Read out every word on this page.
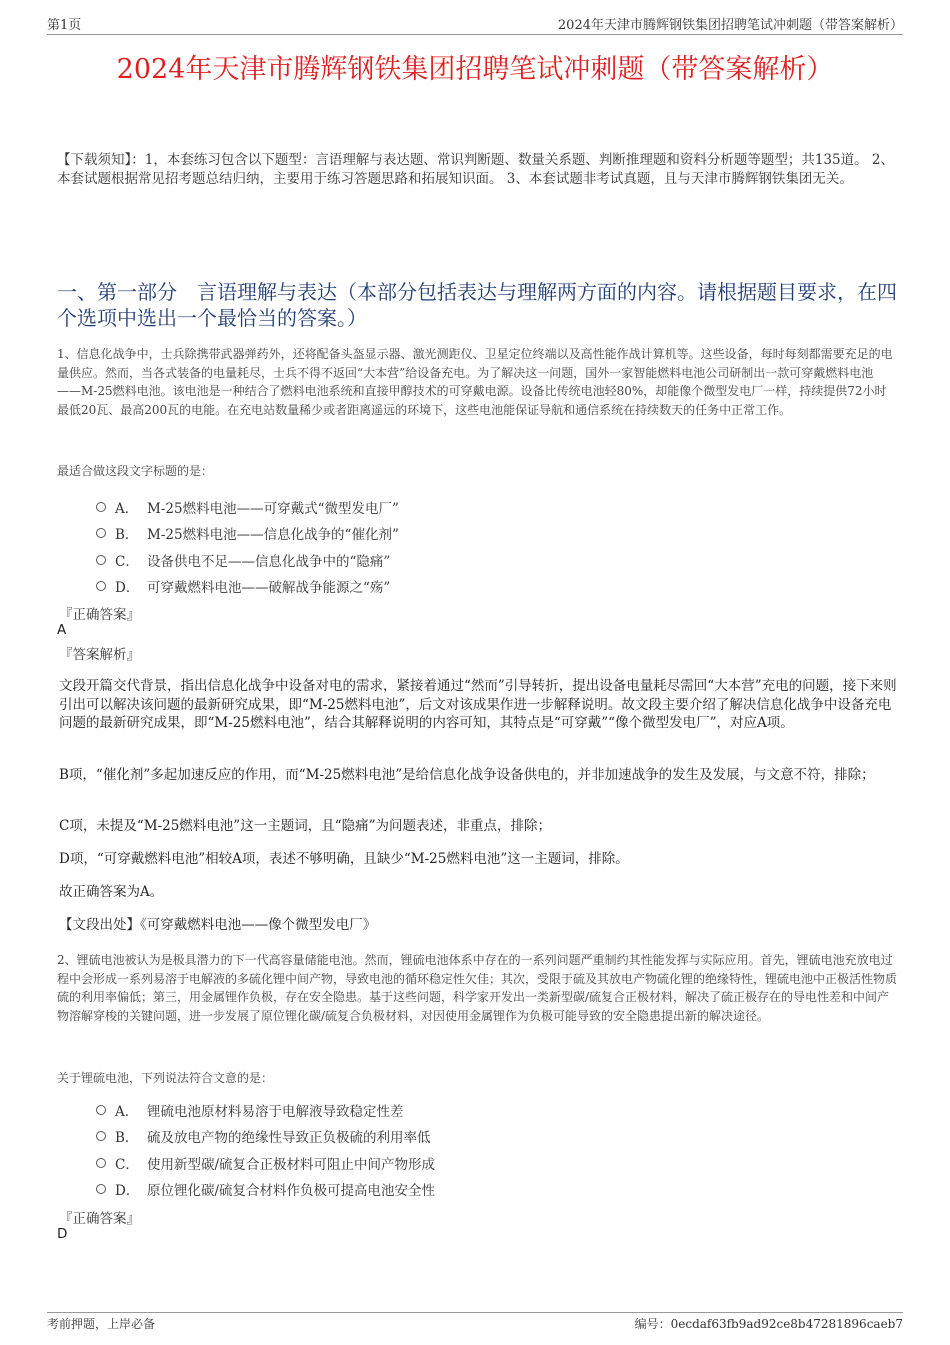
第1页	2024年天津市腾辉钢铁集团招聘笔试冲刺题（带答案解析）
2024年天津市腾辉钢铁集团招聘笔试冲刺题（带答案解析）
【下载须知】：1，本套练习包含以下题型：言语理解与表达题、常识判断题、数量关系题、判断推理题和资料分析题等题型；共135道。 2、本套试题根据常见招考题总结归纳，主要用于练习答题思路和拓展知识面。 3、本套试题非考试真题，且与天津市腾辉钢铁集团无关。
一、第一部分　言语理解与表达（本部分包括表达与理解两方面的内容。请根据题目要求，在四个选项中选出一个最恰当的答案。）
1、信息化战争中，士兵除携带武器弹药外，还将配备头盔显示器、激光测距仪、卫星定位终端以及高性能作战计算机等。这些设备，每时每刻都需要充足的电量供应。然而，当各式装备的电量耗尽，士兵不得不返回“大本营”给设备充电。为了解决这一问题，国外一家智能燃料电池公司研制出一款可穿戴燃料电池——M-25燃料电池。该电池是一种结合了燃料电池系统和直接甲醇技术的可穿戴电源。设备比传统电池轻80%，却能像个微型发电厂一样，持续提供72小时最低20瓦、最高200瓦的电能。在充电站数量稀少或者距离遥远的环境下，这些电池能保证导航和通信系统在持续数天的任务中正常工作。
最适合做这段文字标题的是：
A． M-25燃料电池——可穿戴式“微型发电厂”
B． M-25燃料电池——信息化战争的“催化剂”
C． 设备供电不足——信息化战争中的“隐痛”
D． 可穿戴燃料电池——破解战争能源之“殇”
『正确答案』
A
『答案解析』
文段开篇交代背景，指出信息化战争中设备对电的需求，紧接着通过“然而”引导转折，提出设备电量耗尽需回“大本营”充电的问题，接下来则引出可以解决该问题的最新研究成果，即“M-25燃料电池”，后文对该成果作进一步解释说明。故文段主要介绍了解决信息化战争中设备充电问题的最新研究成果，即“M-25燃料电池”，结合其解释说明的内容可知，其特点是“可穿戴”“像个微型发电厂”，对应A项。
B项，“催化剂”多起加速反应的作用，而“M-25燃料电池”是给信息化战争设备供电的，并非加速战争的发生及发展，与文意不符，排除；
C项，未提及“M-25燃料电池”这一主题词，且“隐痛”为问题表述，非重点，排除；
D项，“可穿戴燃料电池”相较A项，表述不够明确，且缺少“M-25燃料电池”这一主题词，排除。
故正确答案为A。
【文段出处】《可穿戴燃料电池——像个微型发电厂》
2、锂硫电池被认为是极具潜力的下一代高容量储能电池。然而，锂硫电池体系中存在的一系列问题严重制约其性能发挥与实际应用。首先，锂硫电池充放电过程中会形成一系列易溶于电解液的多硫化锂中间产物，导致电池的循环稳定性欠佳；其次，受限于硫及其放电产物硫化锂的绝缘特性，锂硫电池中正极活性物质硫的利用率偏低；第三，用金属锂作负极，存在安全隐患。基于这些问题，科学家开发出一类新型碳/硫复合正极材料，解决了硫正极存在的导电性差和中间产物溶解穿梭的关键问题，进一步发展了原位锂化碳/硫复合负极材料，对因使用金属锂作为负极可能导致的安全隐患提出新的解决途径。
关于锂硫电池，下列说法符合文意的是：
A． 锂硫电池原材料易溶于电解液导致稳定性差
B． 硫及放电产物的绝缘性导致正负极硫的利用率低
C． 使用新型碳/硫复合正极材料可阻止中间产物形成
D． 原位锂化碳/硫复合材料作负极可提高电池安全性
『正确答案』
D
考前押题，上岸必备	编号：0ecdaf63fb9ad92ce8b47281896caeb7
